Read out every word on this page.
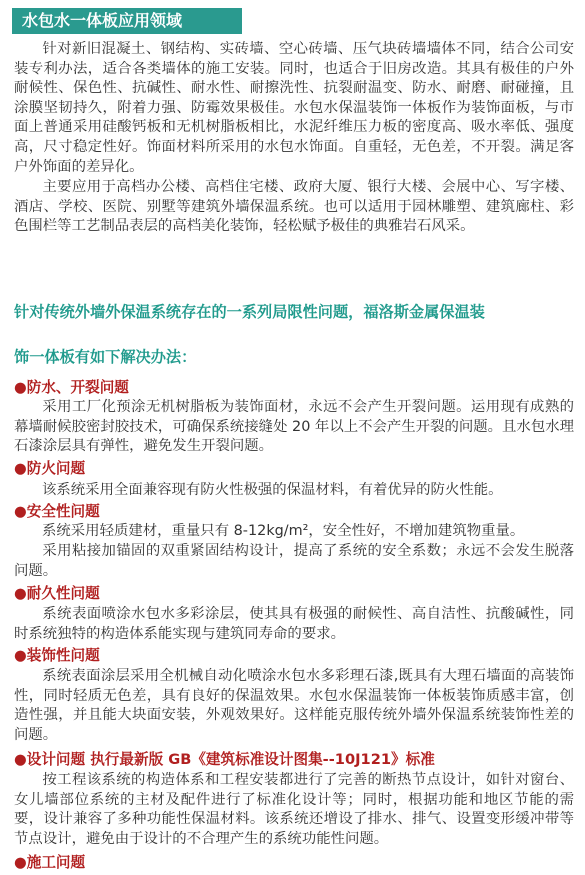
水包水一体板应用领域
针对新旧混凝土、钢结构、实砖墙、空心砖墙、压气块砖墙墙体不同，结合公司安装专利办法，适合各类墙体的施工安装。同时，也适合于旧房改造。其具有极佳的户外耐候性、保色性、抗碱性、耐水性、耐擦洗性、抗裂耐温变、防水、耐磨、耐碰撞，且涂膜坚韧持久，附着力强、防霉效果极佳。水包水保温装饰一体板作为装饰面板，与市面上普通采用硅酸钙板和无机树脂板相比，水泥纤维压力板的密度高、吸水率低、强度高，尺寸稳定性好。饰面材料所采用的水包水饰面。自重轻，无色差，不开裂。满足客户外饰面的差异化。
主要应用于高档办公楼、高档住宅楼、政府大厦、银行大楼、会展中心、写字楼、酒店、学校、医院、别墅等建筑外墙保温系统。也可以适用于园林雕塑、建筑廊柱、彩色围栏等工艺制品表层的高档美化装饰，轻松赋予极佳的典雅岩石风采。
针对传统外墙外保温系统存在的一系列局限性问题，福洛斯金属保温装
饰一体板有如下解决办法：
●防水、开裂问题
采用工厂化预涂无机树脂板为装饰面材，永远不会产生开裂问题。运用现有成熟的幕墙耐候胶密封胶技术，可确保系统接缝处 20 年以上不会产生开裂的问题。且水包水理石漆涂层具有弹性，避免发生开裂问题。
●防火问题
该系统采用全面兼容现有防火性极强的保温材料，有着优异的防火性能。
●安全性问题
系统采用轻质建材，重量只有 8-12kg/m²，安全性好，不增加建筑物重量。
采用粘接加锚固的双重紧固结构设计，提高了系统的安全系数；永远不会发生脱落问题。
●耐久性问题
系统表面喷涂水包水多彩涂层，使其具有极强的耐候性、高自洁性、抗酸碱性，同时系统独特的构造体系能实现与建筑同寿命的要求。
●装饰性问题
系统表面涂层采用全机械自动化喷涂水包水多彩理石漆,既具有大理石墙面的高装饰性，同时轻质无色差，具有良好的保温效果。水包水保温装饰一体板装饰质感丰富，创造性强，并且能大块面安装，外观效果好。这样能克服传统外墙外保温系统装饰性差的问题。
●设计问题 执行最新版 GB《建筑标准设计图集--10J121》标准
按工程该系统的构造体系和工程安装都进行了完善的断热节点设计，如针对窗台、女儿墙部位系统的主材及配件进行了标准化设计等；同时，根据功能和地区节能的需要，设计兼容了多种功能性保温材料。该系统还增设了排水、排气、设置变形缓冲带等节点设计，避免由于设计的不合理产生的系统功能性问题。
●施工问题
